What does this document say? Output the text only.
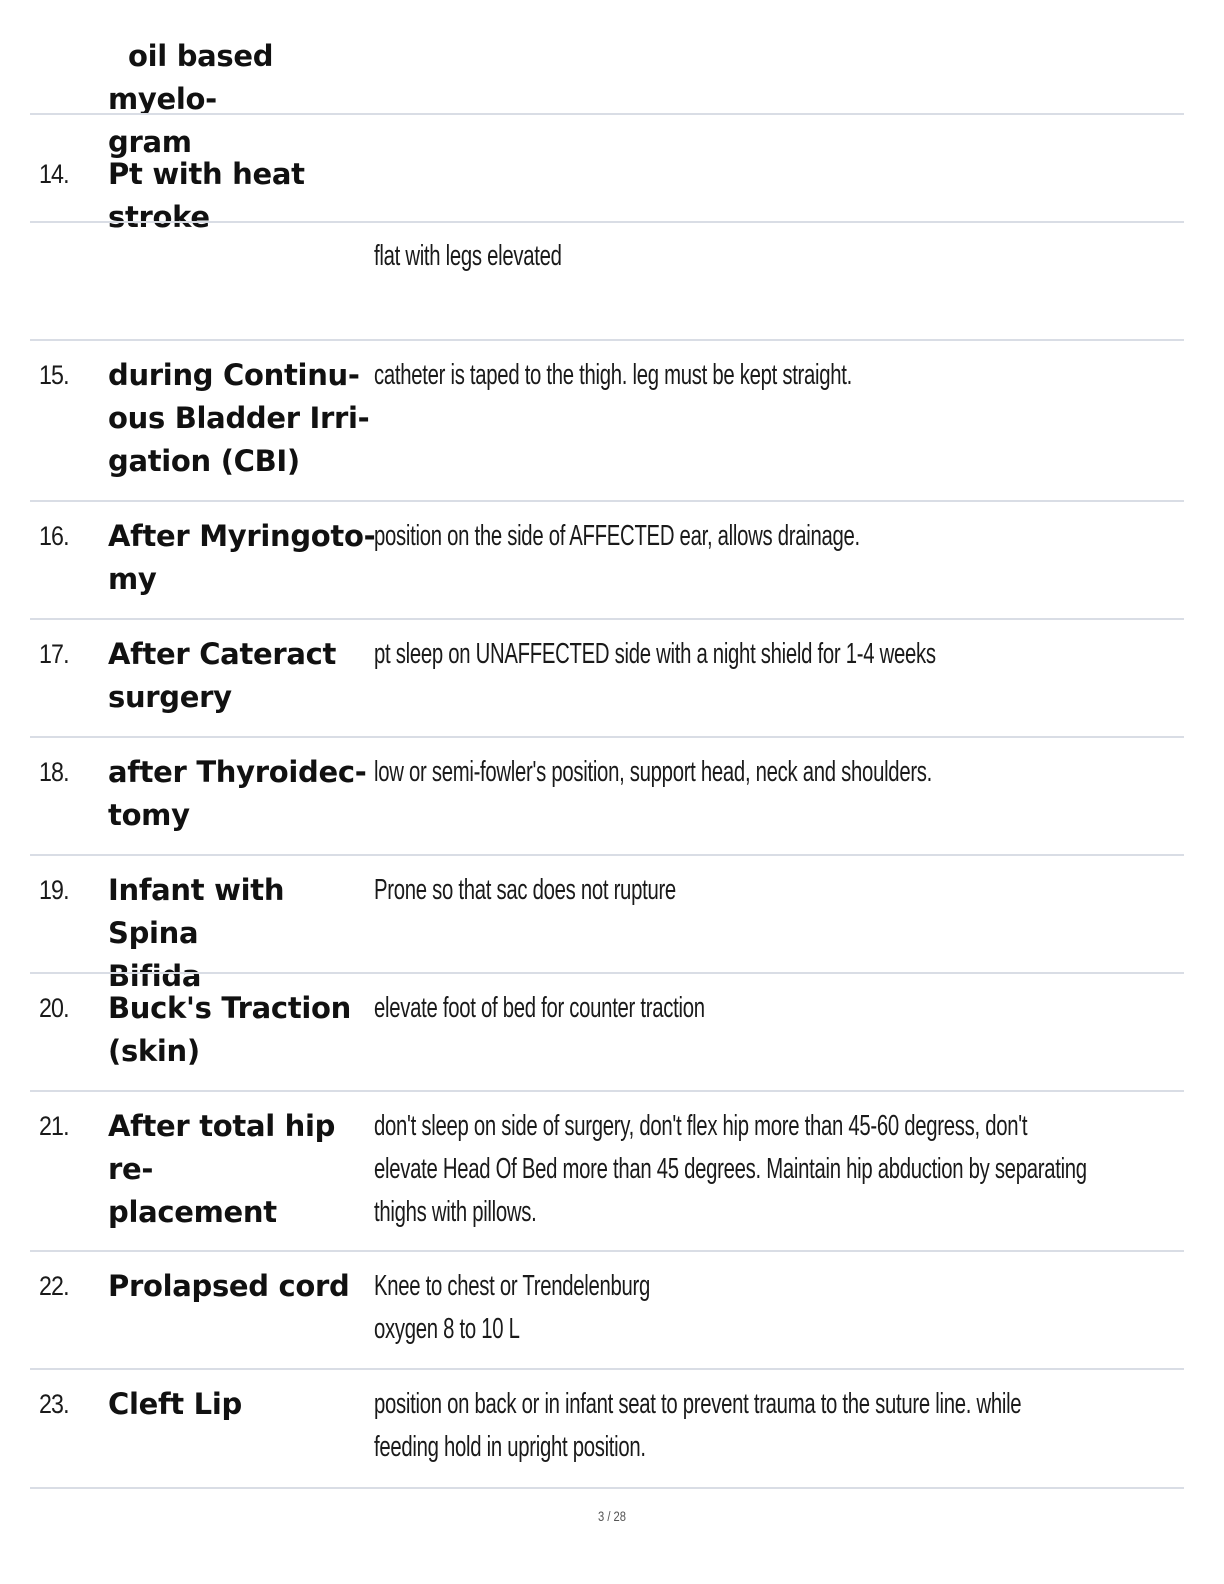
oil based myelo-
gram
14. Pt with heat
stroke
flat with legs elevated
15. during Continu-
ous Bladder Irri-
gation (CBI)
catheter is taped to the thigh. leg must be kept straight.
16. After Myringoto-
my
position on the side of AFFECTED ear, allows drainage.
17. After Cateract
surgery
pt sleep on UNAFFECTED side with a night shield for 1-4 weeks
18. after Thyroidec-
tomy
low or semi-fowler's position, support head, neck and shoulders.
19. Infant with Spina
Bifida
Prone so that sac does not rupture
20. Buck's Traction
(skin)
elevate foot of bed for counter traction
21. After total hip re-
placement
don't sleep on side of surgery, don't flex hip more than 45-60 degress, don't
elevate Head Of Bed more than 45 degrees. Maintain hip abduction by separating
thighs with pillows.
22. Prolapsed cord Knee to chest or Trendelenburg
oxygen 8 to 10 L
23. Cleft Lip	position on back or in infant seat to prevent trauma to the suture line. while
feeding hold in upright position.
3 / 28
